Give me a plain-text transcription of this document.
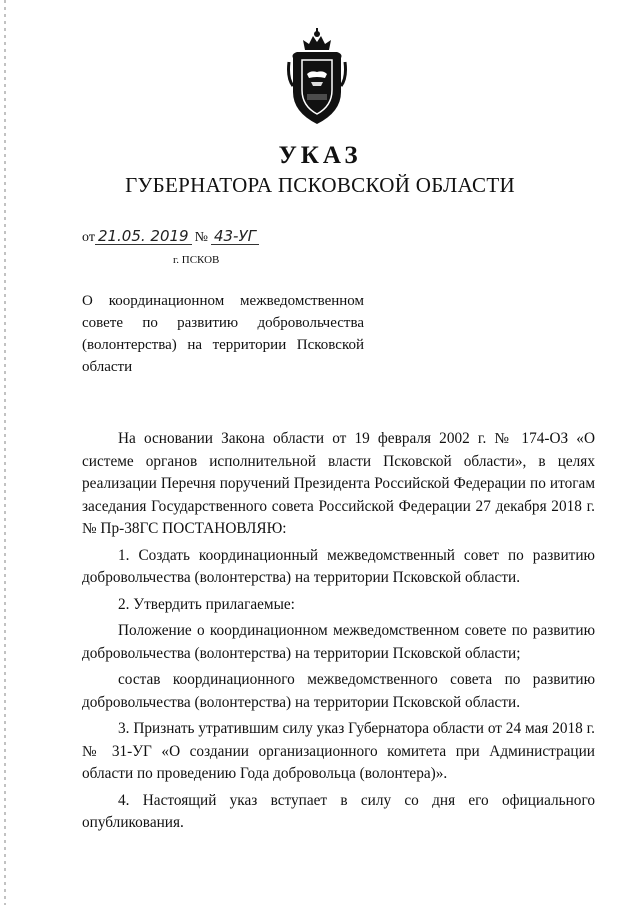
УКАЗ
ГУБЕРНАТОРА ПСКОВСКОЙ ОБЛАСТИ
от 21.05. 2019 № 43-УГ
г. ПСКОВ
О координационном межведомственном совете по развитию добровольчества (волонтерства) на территории Псковской области

На основании Закона области от 19 февраля 2002 г. № 174-ОЗ «О системе органов исполнительной власти Псковской области», в целях реализации Перечня поручений Президента Российской Федерации по итогам заседания Государственного совета Российской Федерации 27 декабря 2018 г. № Пр-38ГС ПОСТАНОВЛЯЮ:

1. Создать координационный межведомственный совет по развитию добровольчества (волонтерства) на территории Псковской области.

2. Утвердить прилагаемые:

Положение о координационном межведомственном совете по развитию добровольчества (волонтерства) на территории Псковской области;

состав координационного межведомственного совета по развитию добровольчества (волонтерства) на территории Псковской области.

3. Признать утратившим силу указ Губернатора области от 24 мая 2018 г. № 31-УГ «О создании организационного комитета при Администрации области по проведению Года добровольца (волонтера)».

4. Настоящий указ вступает в силу со дня его официального опубликования.
